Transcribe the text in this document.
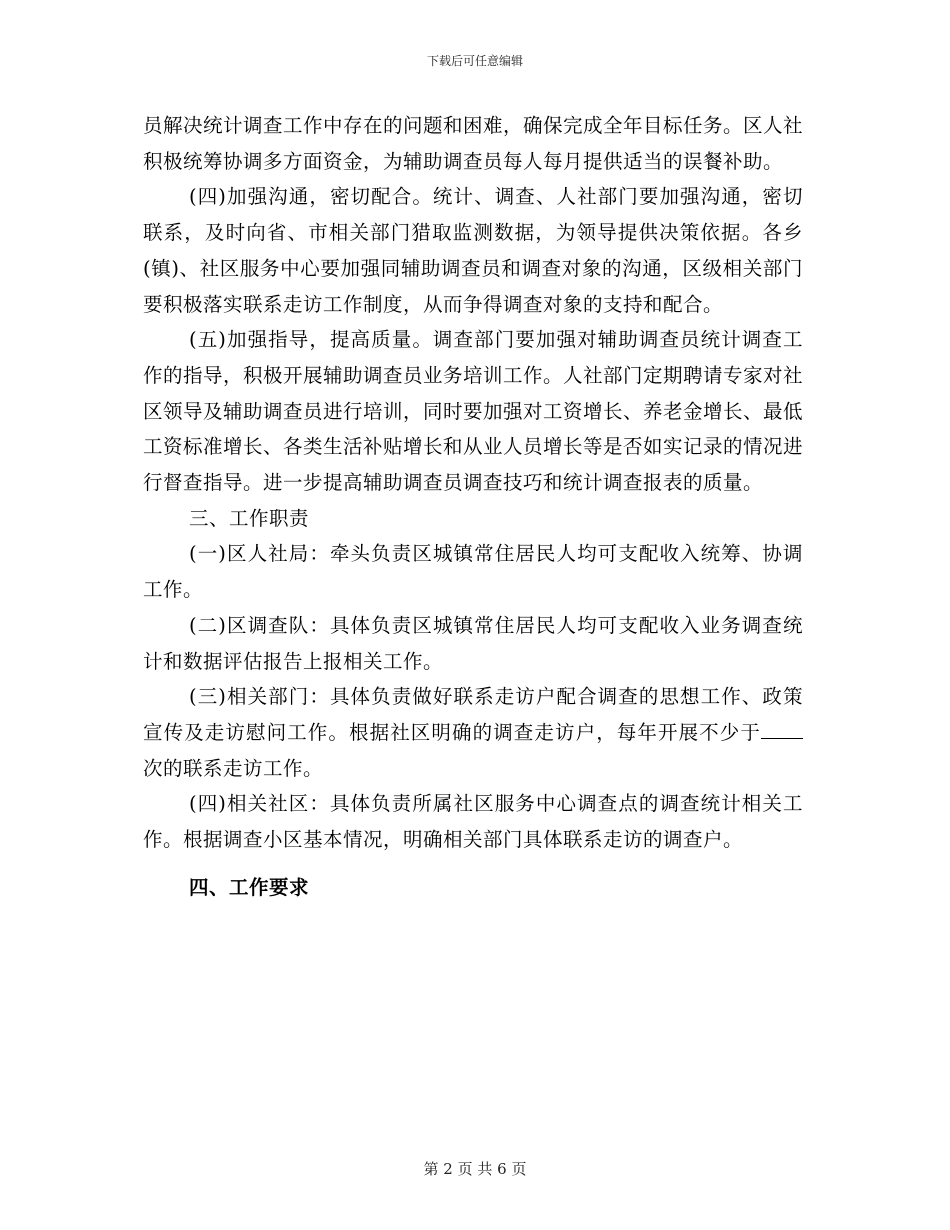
下载后可任意编辑

员解决统计调查工作中存在的问题和困难，确保完成全年目标任务。区人社积极统筹协调多方面资金，为辅助调查员每人每月提供适当的误餐补助。

(四)加强沟通，密切配合。统计、调查、人社部门要加强沟通，密切联系，及时向省、市相关部门猎取监测数据，为领导提供决策依据。各乡(镇)、社区服务中心要加强同辅助调查员和调查对象的沟通，区级相关部门要积极落实联系走访工作制度，从而争得调查对象的支持和配合。

(五)加强指导，提高质量。调查部门要加强对辅助调查员统计调查工作的指导，积极开展辅助调查员业务培训工作。人社部门定期聘请专家对社区领导及辅助调查员进行培训，同时要加强对工资增长、养老金增长、最低工资标准增长、各类生活补贴增长和从业人员增长等是否如实记录的情况进行督查指导。进一步提高辅助调查员调查技巧和统计调查报表的质量。

三、工作职责

(一)区人社局：牵头负责区城镇常住居民人均可支配收入统筹、协调工作。

(二)区调查队：具体负责区城镇常住居民人均可支配收入业务调查统计和数据评估报告上报相关工作。

(三)相关部门：具体负责做好联系走访户配合调查的思想工作、政策宣传及走访慰问工作。根据社区明确的调查走访户，每年开展不少于次的联系走访工作。

(四)相关社区：具体负责所属社区服务中心调查点的调查统计相关工作。根据调查小区基本情况，明确相关部门具体联系走访的调查户。

四、工作要求

第 2 页 共 6 页
